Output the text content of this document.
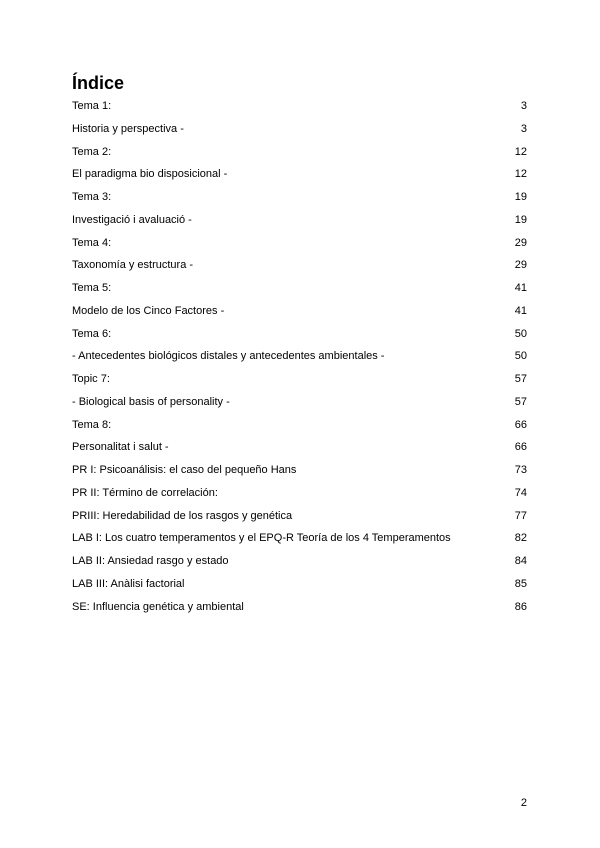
Índice
Tema 1:	3
Historia y perspectiva -	3
Tema 2:	12
El paradigma bio disposicional -	12
Tema 3:	19
Investigació i avaluació -	19
Tema 4:	29
Taxonomía y estructura -	29
Tema 5:	41
Modelo de los Cinco Factores -	41
Tema 6:	50
- Antecedentes biológicos distales y antecedentes ambientales -	50
Topic 7:	57
- Biological basis of personality -	57
Tema 8:	66
Personalitat i salut -	66
PR I: Psicoanálisis: el caso del pequeño Hans	73
PR II: Término de correlación:	74
PRIII: Heredabilidad de los rasgos y genética	77
LAB I: Los cuatro temperamentos y el EPQ-R Teoría de los 4 Temperamentos	82
LAB II: Ansiedad rasgo y estado	84
LAB III: Anàlisi factorial	85
SE: Influencia genética y ambiental	86
2
